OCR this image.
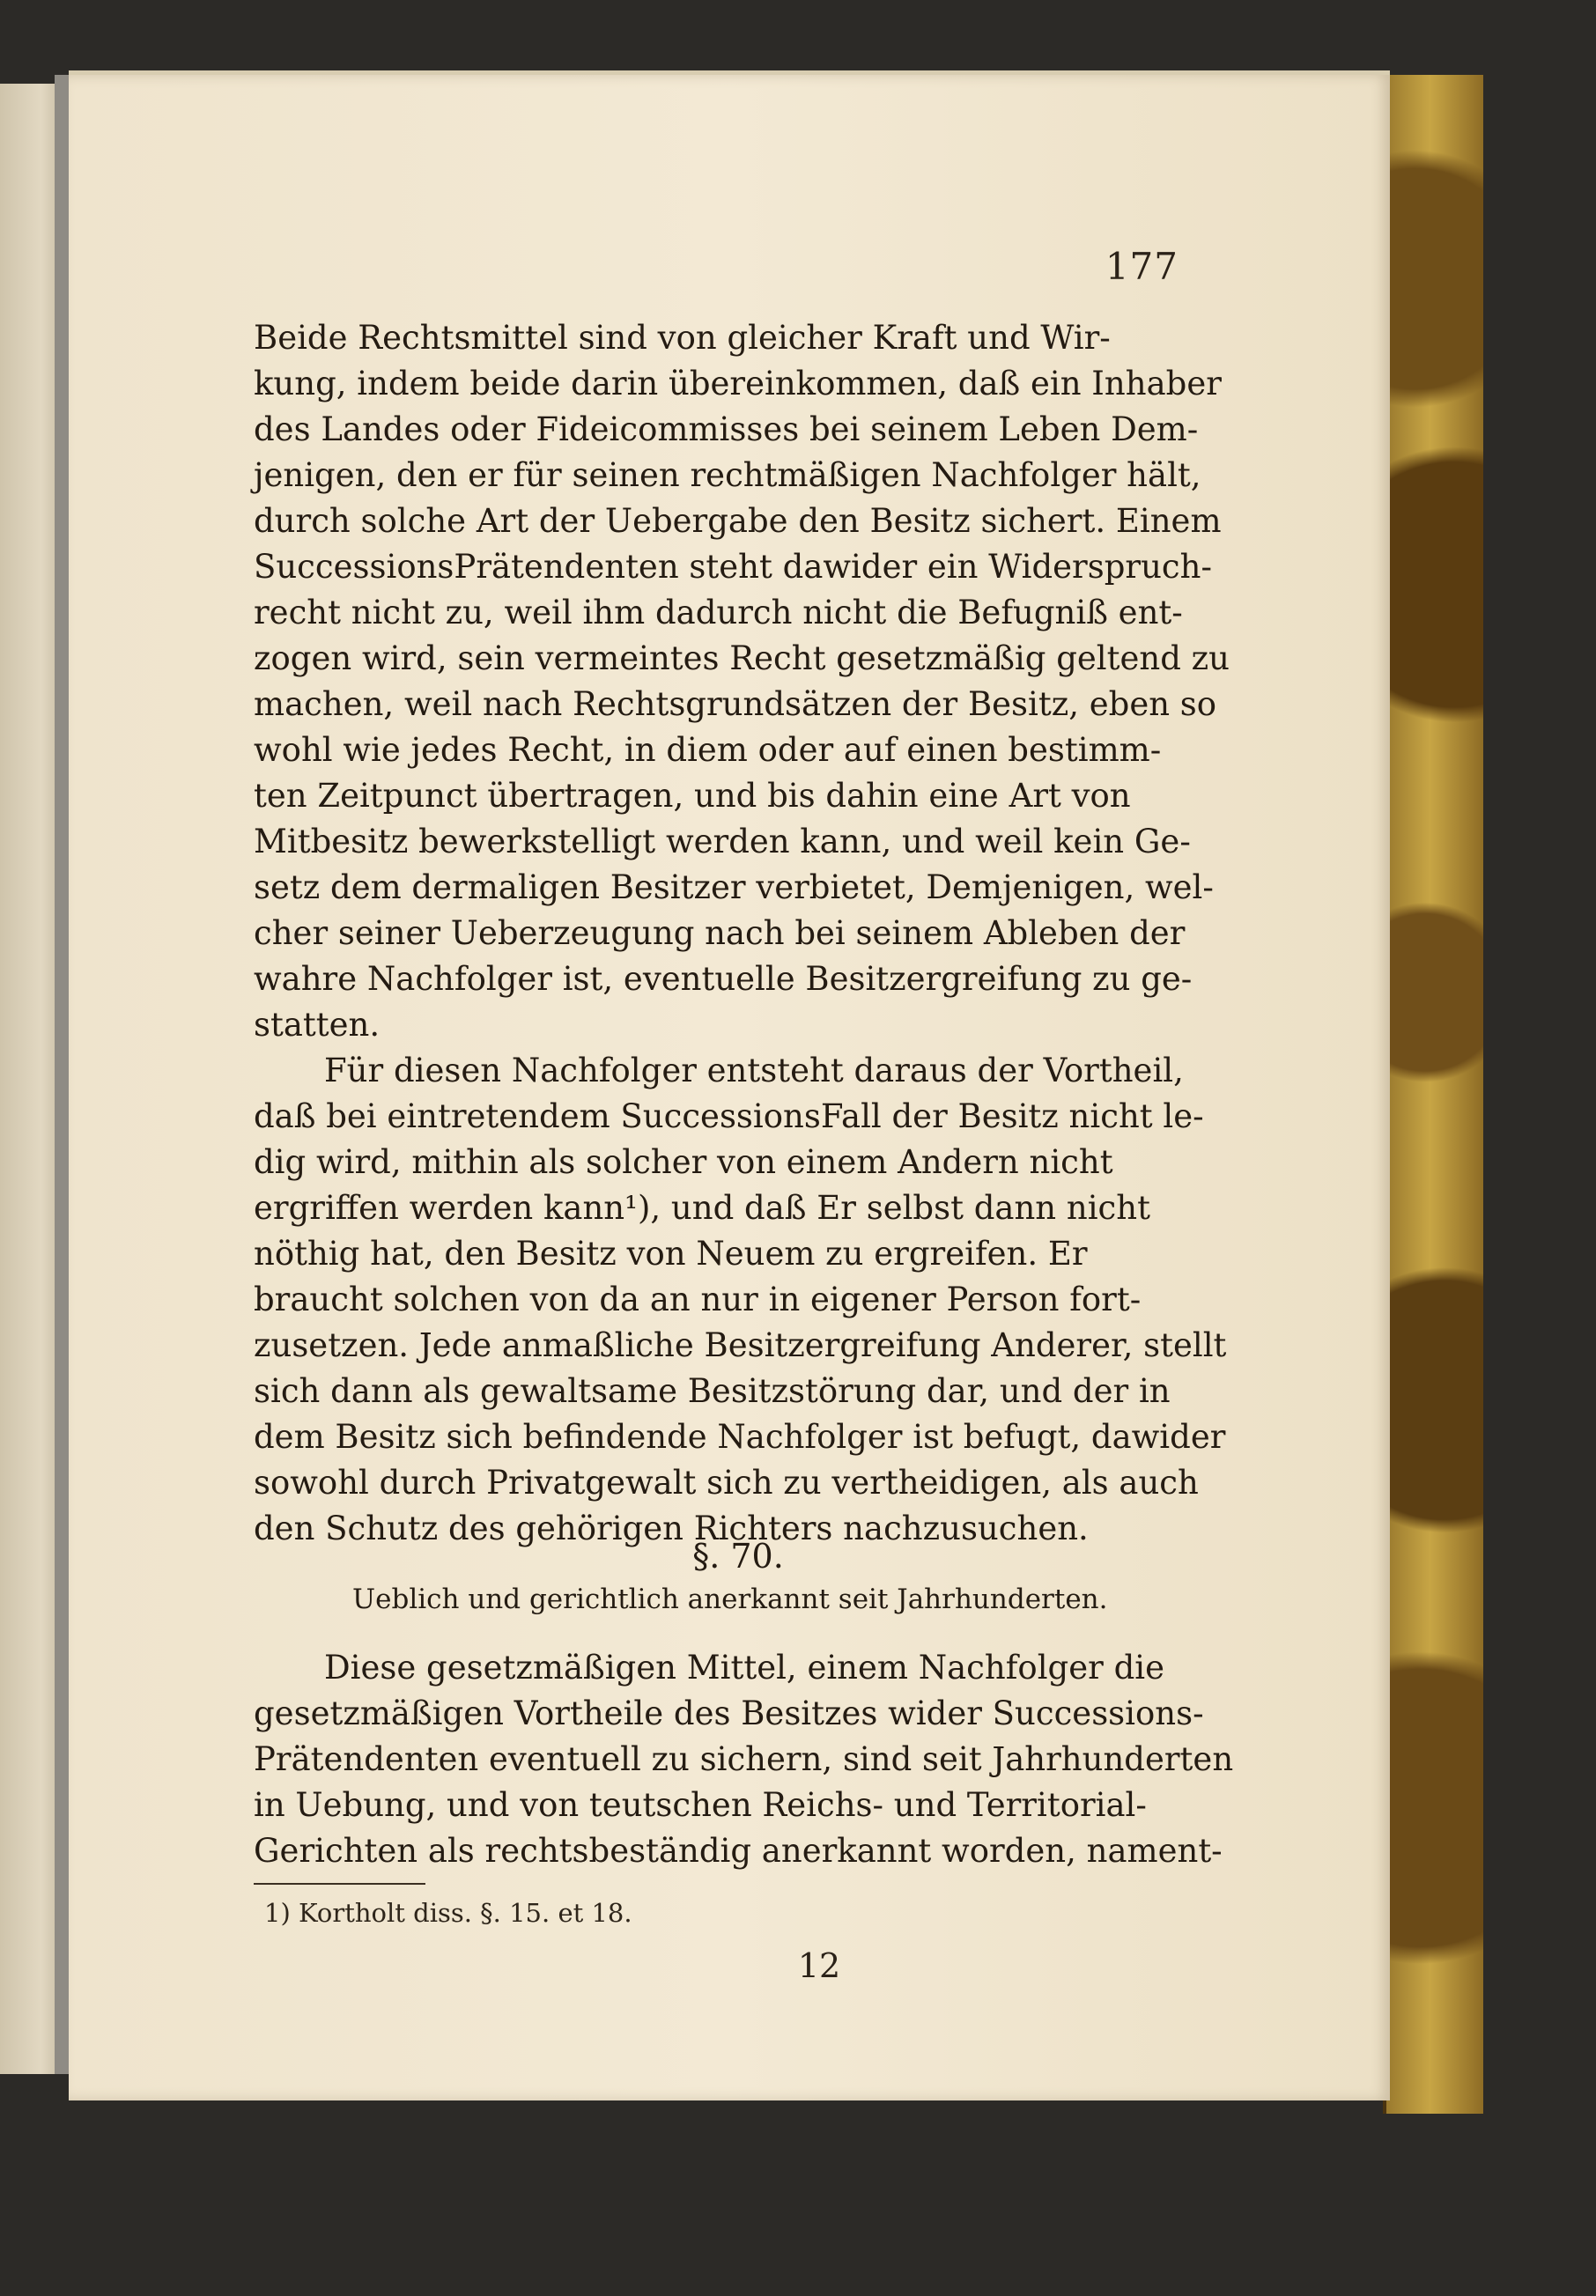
177
Beide Rechtsmittel sind von gleicher Kraft und Wir-
kung, indem beide darin übereinkommen, daß ein Inhaber
des Landes oder Fideicommisses bei seinem Leben Dem-
jenigen, den er für seinen rechtmäßigen Nachfolger hält,
durch solche Art der Uebergabe den Besitz sichert. Einem
SuccessionsPrätendenten steht dawider ein Widerspruch-
recht nicht zu, weil ihm dadurch nicht die Befugniß ent-
zogen wird, sein vermeintes Recht gesetzmäßig geltend zu
machen, weil nach Rechtsgrundsätzen der Besitz, eben so
wohl wie jedes Recht, in diem oder auf einen bestimm-
ten Zeitpunct übertragen, und bis dahin eine Art von
Mitbesitz bewerkstelligt werden kann, und weil kein Ge-
setz dem dermaligen Besitzer verbietet, Demjenigen, wel-
cher seiner Ueberzeugung nach bei seinem Ableben der
wahre Nachfolger ist, eventuelle Besitzergreifung zu ge-
statten.
Für diesen Nachfolger entsteht daraus der Vortheil,
daß bei eintretendem SuccessionsFall der Besitz nicht le-
dig wird, mithin als solcher von einem Andern nicht
ergriffen werden kann¹), und daß Er selbst dann nicht
nöthig hat, den Besitz von Neuem zu ergreifen. Er
braucht solchen von da an nur in eigener Person fort-
zusetzen. Jede anmaßliche Besitzergreifung Anderer, stellt
sich dann als gewaltsame Besitzstörung dar, und der in
dem Besitz sich befindende Nachfolger ist befugt, dawider
sowohl durch Privatgewalt sich zu vertheidigen, als auch
den Schutz des gehörigen Richters nachzusuchen.
§. 70.
Ueblich und gerichtlich anerkannt seit Jahrhunderten.
Diese gesetzmäßigen Mittel, einem Nachfolger die
gesetzmäßigen Vortheile des Besitzes wider Successions-
Prätendenten eventuell zu sichern, sind seit Jahrhunderten
in Uebung, und von teutschen Reichs- und Territorial-
Gerichten als rechtsbeständig anerkannt worden, nament-
1) Kortholt diss. §. 15. et 18.
12
